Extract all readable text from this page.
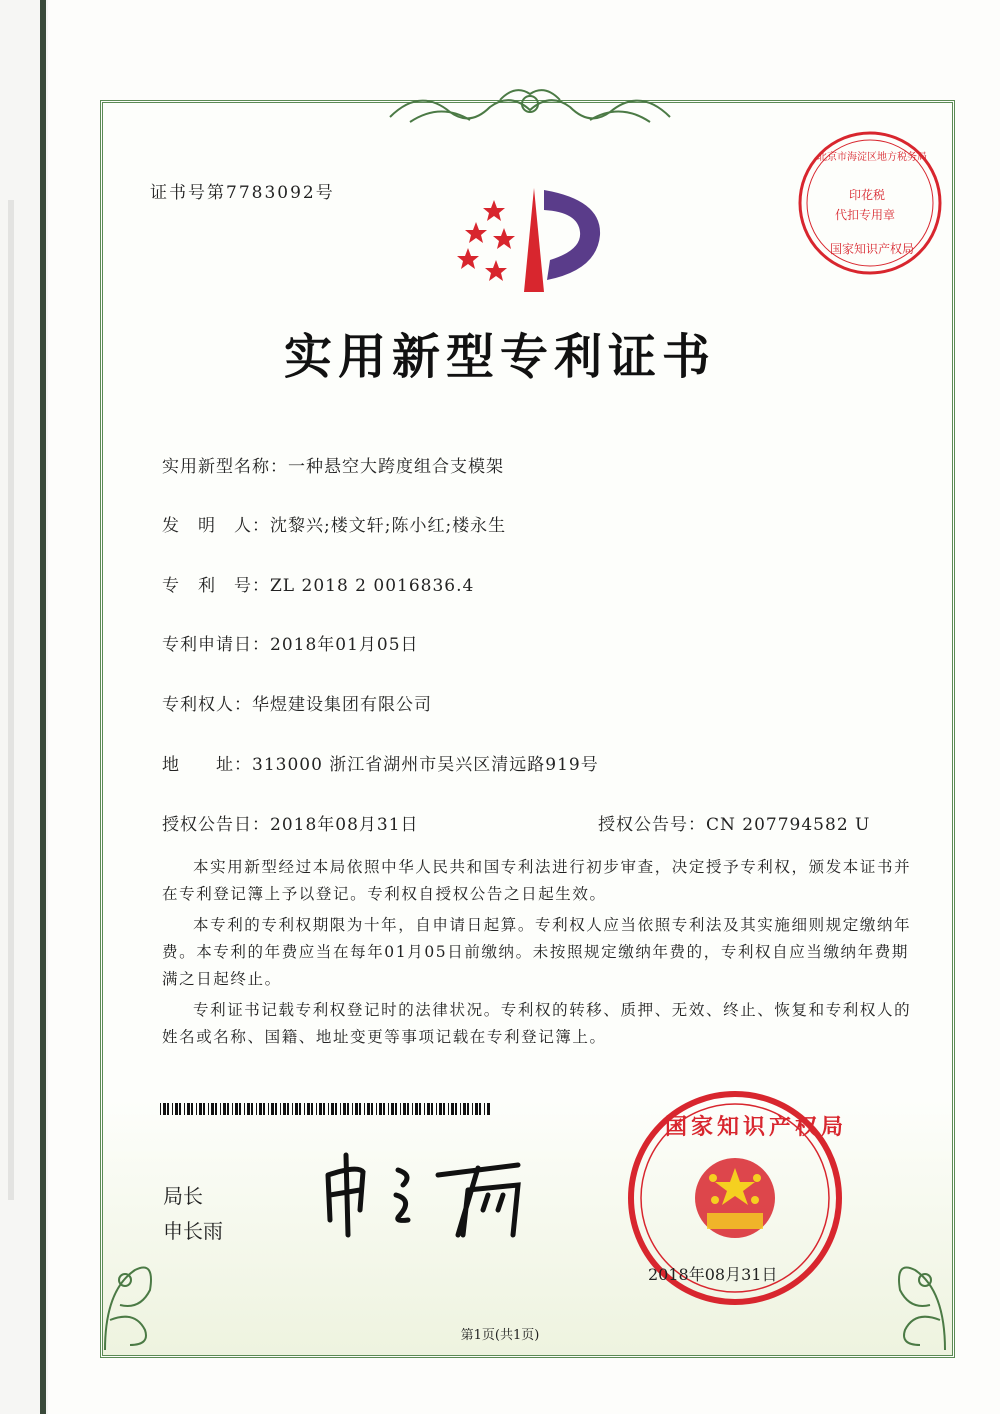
证书号第7783092号
北京市海淀区地方税务局
印花税
代扣专用章
国家知识产权局
实用新型专利证书
实用新型名称：一种悬空大跨度组合支模架
发　明　人：沈黎兴;楼文轩;陈小红;楼永生
专　利　号：ZL 2018 2 0016836.4
专利申请日：2018年01月05日
专利权人：华煜建设集团有限公司
地　　址：313000 浙江省湖州市吴兴区清远路919号
授权公告日：2018年08月31日	授权公告号：CN 207794582 U
本实用新型经过本局依照中华人民共和国专利法进行初步审查，决定授予专利权，颁发本证书并在专利登记簿上予以登记。专利权自授权公告之日起生效。
本专利的专利权期限为十年，自申请日起算。专利权人应当依照专利法及其实施细则规定缴纳年费。本专利的年费应当在每年01月05日前缴纳。未按照规定缴纳年费的，专利权自应当缴纳年费期满之日起终止。
专利证书记载专利权登记时的法律状况。专利权的转移、质押、无效、终止、恢复和专利权人的姓名或名称、国籍、地址变更等事项记载在专利登记簿上。
局长
申长雨
国家知识产权局
2018年08月31日
第1页(共1页)
